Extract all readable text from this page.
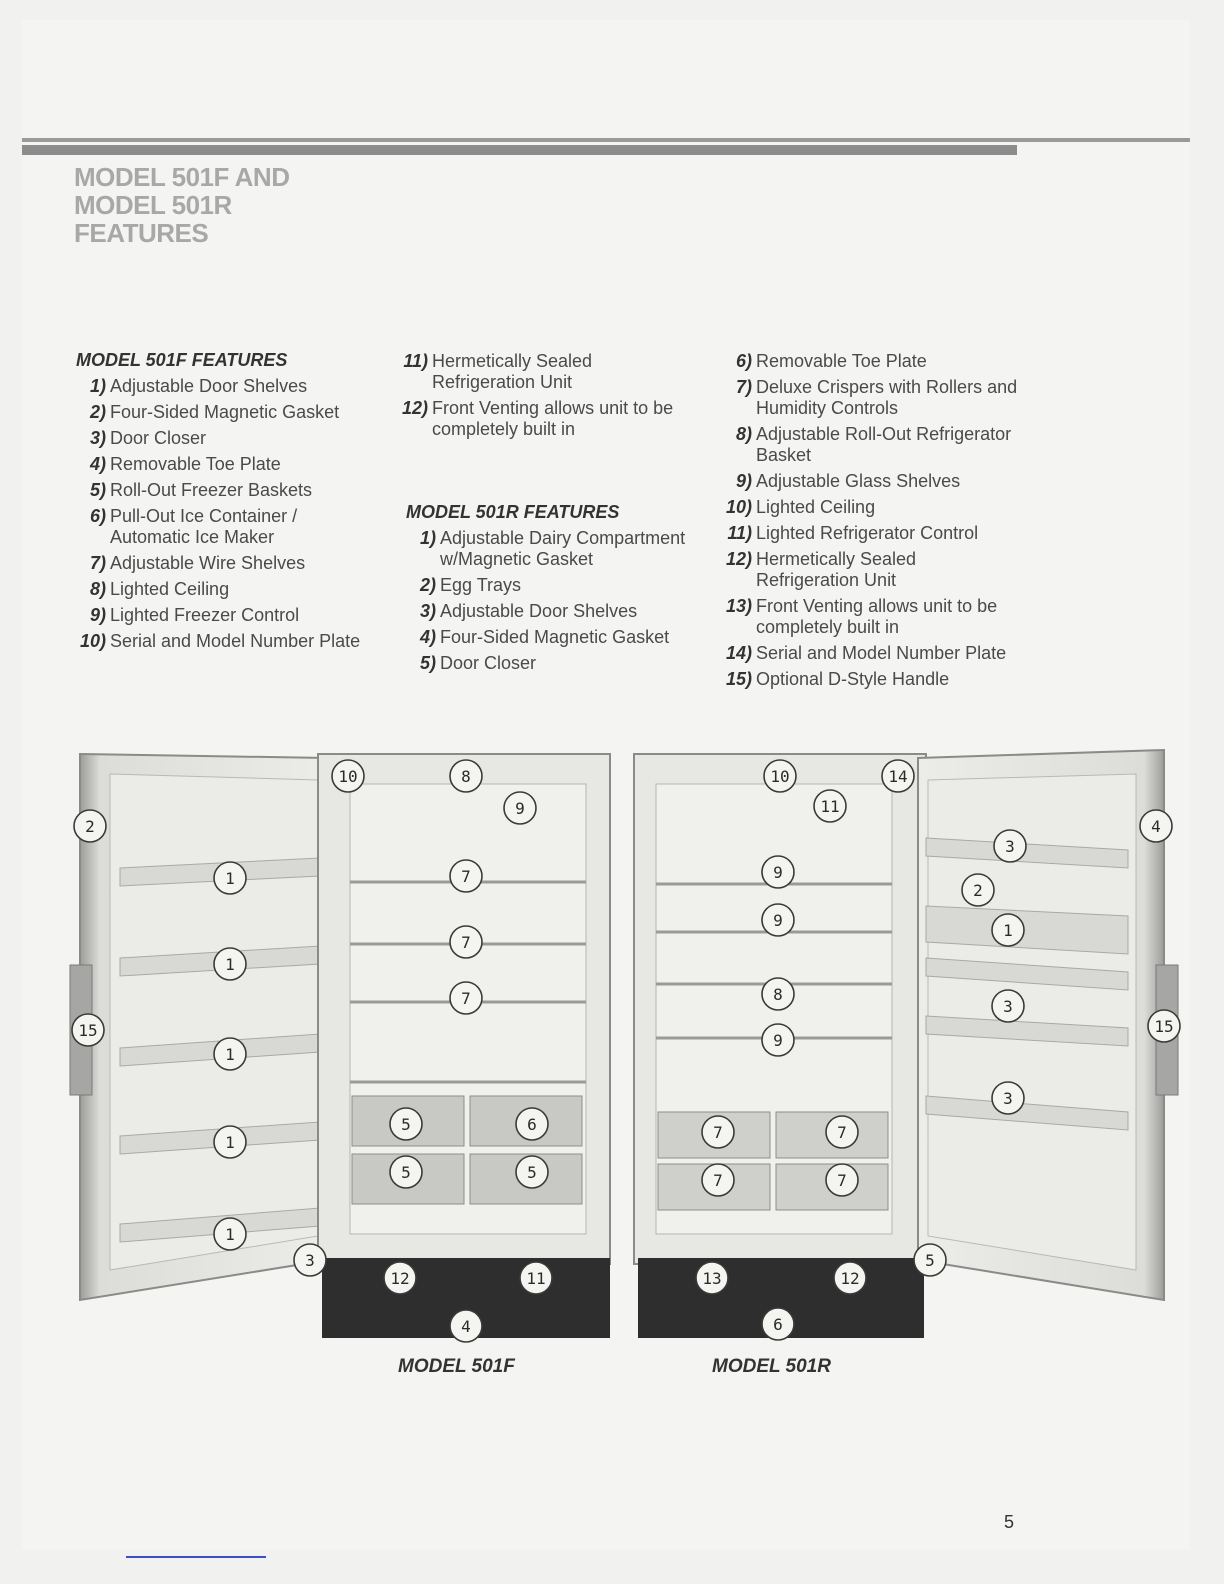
MODEL 501F AND
MODEL 501R
FEATURES
MODEL 501F FEATURES
1) Adjustable Door Shelves
2) Four-Sided Magnetic Gasket
3) Door Closer
4) Removable Toe Plate
5) Roll-Out Freezer Baskets
6) Pull-Out Ice Container / Automatic Ice Maker
7) Adjustable Wire Shelves
8) Lighted Ceiling
9) Lighted Freezer Control
10) Serial and Model Number Plate
11) Hermetically Sealed Refrigeration Unit
12) Front Venting allows unit to be completely built in
MODEL 501R FEATURES
1) Adjustable Dairy Compartment w/Magnetic Gasket
2) Egg Trays
3) Adjustable Door Shelves
4) Four-Sided Magnetic Gasket
5) Door Closer
6) Removable Toe Plate
7) Deluxe Crispers with Rollers and Humidity Controls
8) Adjustable Roll-Out Refrigerator Basket
9) Adjustable Glass Shelves
10) Lighted Ceiling
11) Lighted Refrigerator Control
12) Hermetically Sealed Refrigeration Unit
13) Front Venting allows unit to be completely built in
14) Serial and Model Number Plate
15) Optional D-Style Handle
10	8
9
2
1	7
7
7
1
1
15
1
5	6
5	5
1
3
12	11
4
10	14
11
4
3
2
9
9
1
3
8
9
15
7	7
7	7
3
13	12
5
6
MODEL 501F	MODEL 501R
5
